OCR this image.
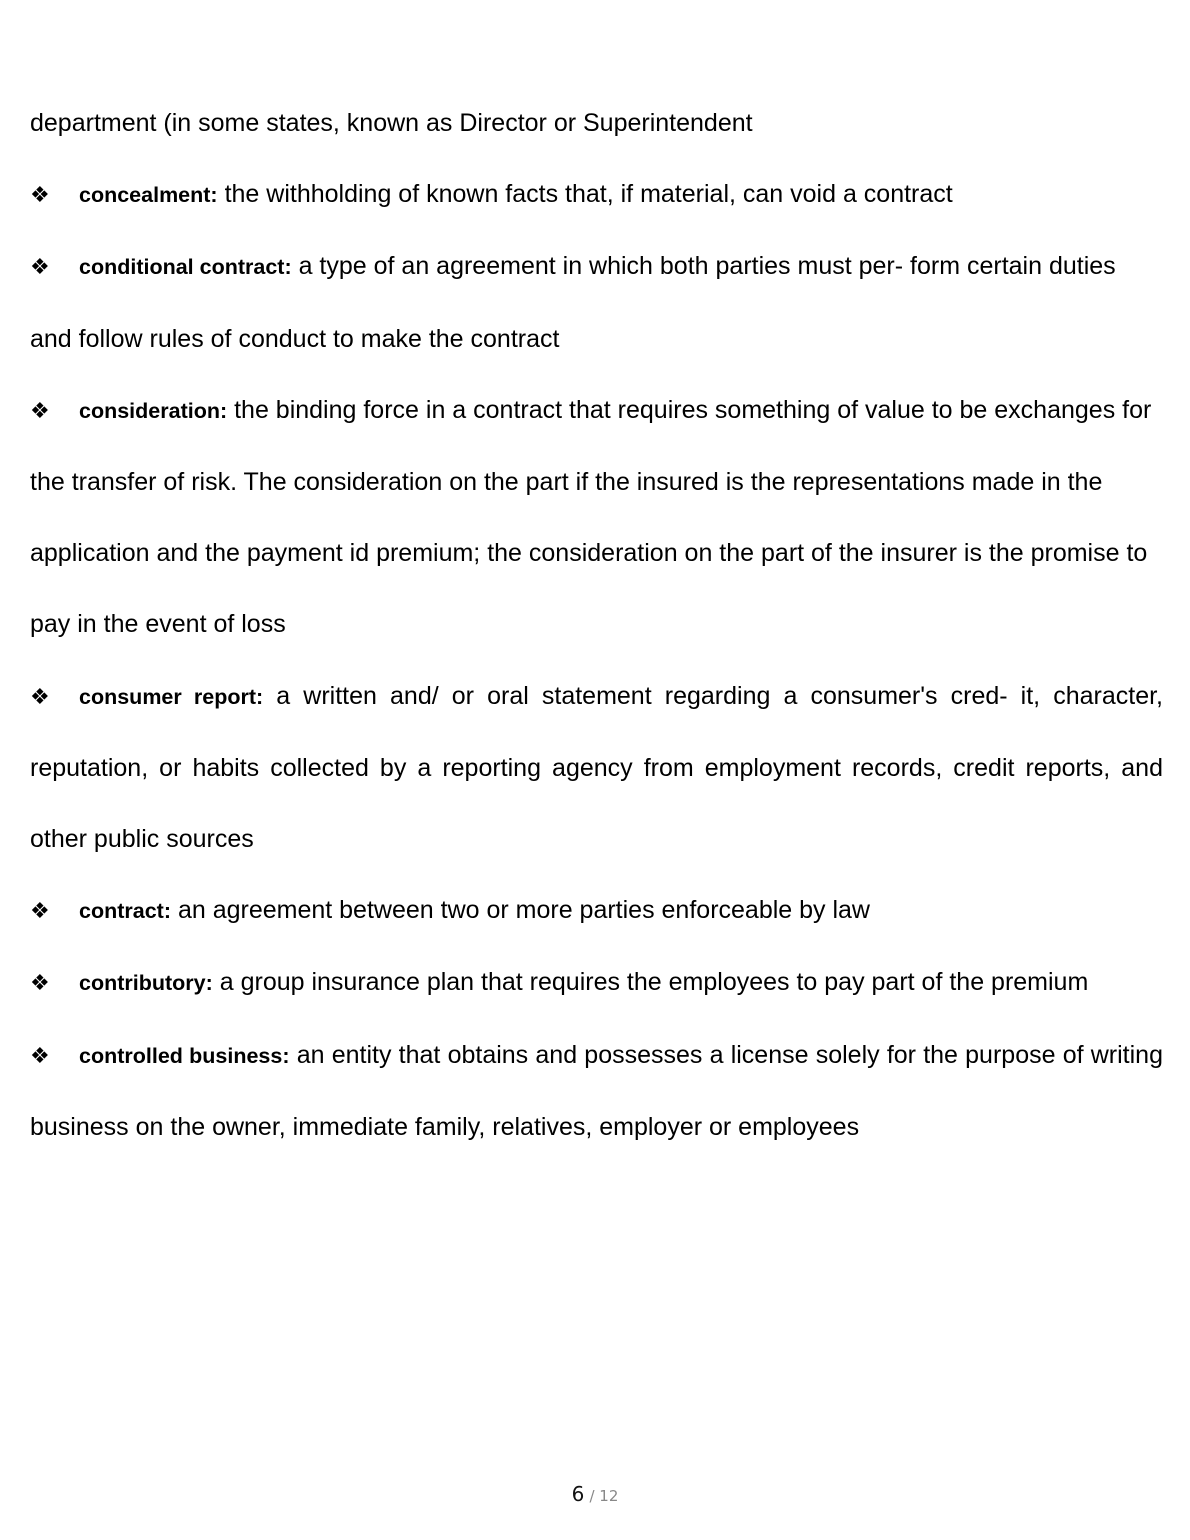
department (in some states, known as Director or Superintendent

❖ concealment: the withholding of known facts that, if material, can void a contract

❖ conditional contract: a type of an agreement in which both parties must per- form certain duties and follow rules of conduct to make the contract

❖ consideration: the binding force in a contract that requires something of value to be exchanges for the transfer of risk. The consideration on the part if the insured is the representations made in the application and the payment id premium; the consideration on the part of the insurer is the promise to pay in the event of loss

❖ consumer report: a written and/ or oral statement regarding a consumer's cred- it, character, reputation, or habits collected by a reporting agency from employment records, credit reports, and other public sources

❖ contract: an agreement between two or more parties enforceable by law

❖ contributory: a group insurance plan that requires the employees to pay part of the premium

❖ controlled business: an entity that obtains and possesses a license solely for the purpose of writing business on the owner, immediate family, relatives, employer or employees

6 / 12
